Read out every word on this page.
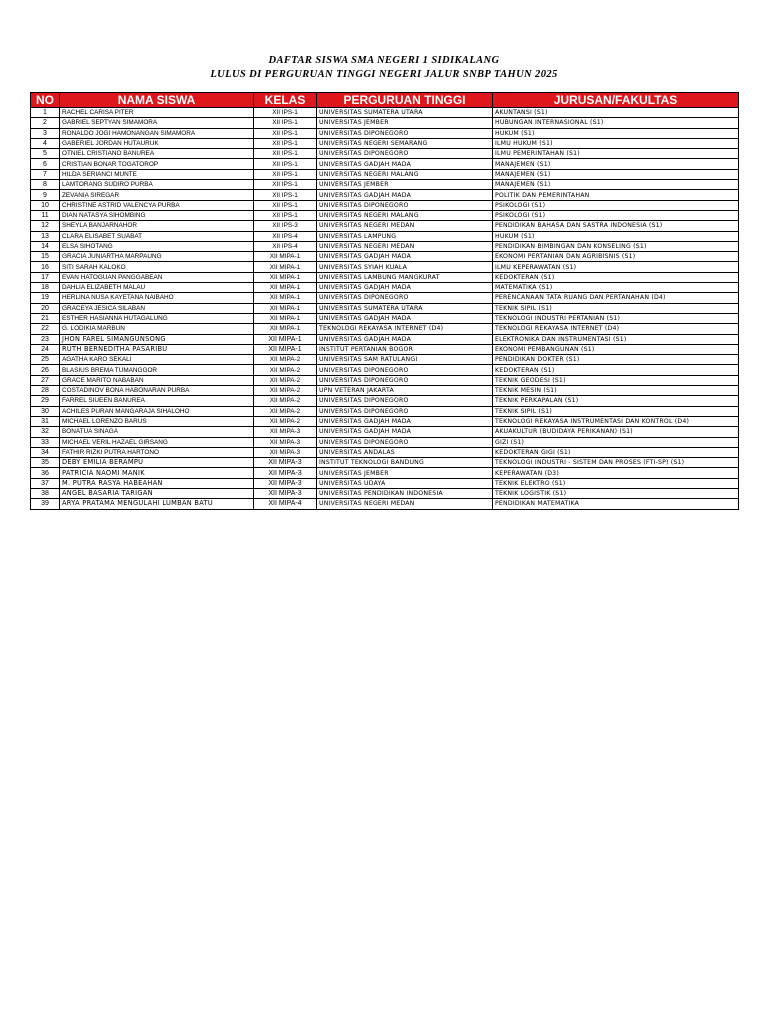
DAFTAR SISWA SMA NEGERI 1 SIDIKALANG
LULUS DI PERGURUAN TINGGI NEGERI JALUR SNBP TAHUN 2025
NO	NAMA SISWA	KELAS	PERGURUAN TINGGI	JURUSAN/FAKULTAS
1	RACHEL CARISA PITER	XII IPS-1	UNIVERSITAS SUMATERA UTARA	AKUNTANSI (S1)
2	GABRIEL SEPTYAN SIMAMORA	XII IPS-1	UNIVERSITAS JEMBER	HUBUNGAN INTERNASIONAL (S1)
3	RONALDO JOGI HAMONANGAN SIMAMORA	XII IPS-1	UNIVERSITAS DIPONEGORO	HUKUM (S1)
4	GABERIEL JORDAN HUTAURUK	XII IPS-1	UNIVERSITAS NEGERI SEMARANG	ILMU HUKUM (S1)
5	OTNIEL CRISTIANO BANUREA	XII IPS-1	UNIVERSITAS DIPONEGORO	ILMU PEMERINTAHAN (S1)
6	CRISTIAN BONAR TOGATOROP	XII IPS-1	UNIVERSITAS GADJAH MADA	MANAJEMEN (S1)
7	HILDA SERIANCI MUNTE	XII IPS-1	UNIVERSITAS NEGERI MALANG	MANAJEMEN (S1)
8	LAMTORANG SUDIRO PURBA	XII IPS-1	UNIVERSITAS JEMBER	MANAJEMEN (S1)
9	ZEVANIA SIREGAR	XII IPS-1	UNIVERSITAS GADJAH MADA	POLITIK DAN PEMERINTAHAN
10	CHRISTINE ASTRID VALENCYA PURBA	XII IPS-1	UNIVERSITAS DIPONEGORO	PSIKOLOGI (S1)
11	DIAN NATASYA SIHOMBING	XII IPS-1	UNIVERSITAS NEGERI MALANG	PSIKOLOGI (S1)
12	SHEYLA BANJARNAHOR	XII IPS-3	UNIVERSITAS NEGERI MEDAN	PENDIDIKAN BAHASA DAN SASTRA INDONESIA (S1)
13	CLARA ELISABET SUABAT	XII IPS-4	UNIVERSITAS LAMPUNG	HUKUM (S1)
14	ELSA SIHOTANG	XII IPS-4	UNIVERSITAS NEGERI MEDAN	PENDIDIKAN BIMBINGAN DAN KONSELING (S1)
15	GRACIA JUNIARTHA MARPAUNG	XII MIPA-1	UNIVERSITAS GADJAH MADA	EKONOMI PERTANIAN DAN AGRIBISNIS (S1)
16	SITI SARAH KALOKO	XII MIPA-1	UNIVERSITAS SYIAH KUALA	ILMU KEPERAWATAN (S1)
17	EVAN HATOGUAN PANGGABEAN	XII MIPA-1	UNIVERSITAS LAMBUNG MANGKURAT	KEDOKTERAN (S1)
18	DAHLIA ELIZABETH MALAU	XII MIPA-1	UNIVERSITAS GADJAH MADA	MATEMATIKA (S1)
19	HERLINA NUSA KAYETANA NAIBAHO	XII MIPA-1	UNIVERSITAS DIPONEGORO	PERENCANAAN TATA RUANG DAN PERTANAHAN (D4)
20	GRACEYA JESICA SILABAN	XII MIPA-1	UNIVERSITAS SUMATERA UTARA	TEKNIK SIPIL (S1)
21	ESTHER HASIANNA HUTAGALUNG	XII MIPA-1	UNIVERSITAS GADJAH MADA	TEKNOLOGI INDUSTRI PERTANIAN (S1)
22	G. LODIKIA MARBUN	XII MIPA-1	TEKNOLOGI REKAYASA INTERNET (D4)	TEKNOLOGI REKAYASA INTERNET (D4)
23	JHON FAREL SIMANGUNSONG	XII MIPA-1	UNIVERSITAS GADJAH MADA	ELEKTRONIKA DAN INSTRUMENTASI (S1)
24	RUTH BERNEDITHA PASARIBU	XII MIPA-1	INSTITUT PERTANIAN BOGOR	EKONOMI PEMBANGUNAN (S1)
25	AGATHA KARO SEKALI	XII MIPA-2	UNIVERSITAS SAM RATULANGI	PENDIDIKAN DOKTER (S1)
26	BLASIUS BREMA TUMANGGOR	XII MIPA-2	UNIVERSITAS DIPONEGORO	KEDOKTERAN (S1)
27	GRACE MARITO NABABAN	XII MIPA-2	UNIVERSITAS DIPONEGORO	TEKNIK GEODESI (S1)
28	COSTADINOV BONA HABONARAN PURBA	XII MIPA-2	UPN VETERAN JAKARTA	TEKNIK MESIN (S1)
29	FARREL SIUEEN BANUREA	XII MIPA-2	UNIVERSITAS DIPONEGORO	TEKNIK PERKAPALAN (S1)
30	ACHILES PURAN MANGARAJA SIHALOHO	XII MIPA-2	UNIVERSITAS DIPONEGORO	TEKNIK SIPIL (S1)
31	MICHAEL LORENZO BARUS	XII MIPA-2	UNIVERSITAS GADJAH MADA	TEKNOLOGI REKAYASA INSTRUMENTASI DAN KONTROL (D4)
32	BONATUA SINAGA	XII MIPA-3	UNIVERSITAS GADJAH MADA	AKUAKULTUR (BUDIDAYA PERIKANAN) (S1)
33	MICHAEL VERIL HAZAEL GIRSANG	XII MIPA-3	UNIVERSITAS DIPONEGORO	GIZI (S1)
34	FATHIR RIZKI PUTRA HARTONO	XII MIPA-3	UNIVERSITAS ANDALAS	KEDOKTERAN GIGI (S1)
35	DEBY EMILIA BERAMPU	XII MIPA-3	INSTITUT TEKNOLOGI BANDUNG	TEKNOLOGI INDUSTRI - SISTEM DAN PROSES (FTI-SP) (S1)
36	PATRICIA NAOMI MANIK	XII MIPA-3	UNIVERSITAS JEMBER	KEPERAWATAN (D3)
37	M. PUTRA RASYA HABEAHAN	XII MIPA-3	UNIVERSITAS UDAYA	TEKNIK ELEKTRO (S1)
38	ANGEL BASARIA TARIGAN	XII MIPA-3	UNIVERSITAS PENDIDIKAN INDONESIA	TEKNIK LOGISTIK (S1)
39	ARYA PRATAMA MENGULAHI LUMBAN BATU	XII MIPA-4	UNIVERSITAS NEGERI MEDAN	PENDIDIKAN MATEMATIKA
